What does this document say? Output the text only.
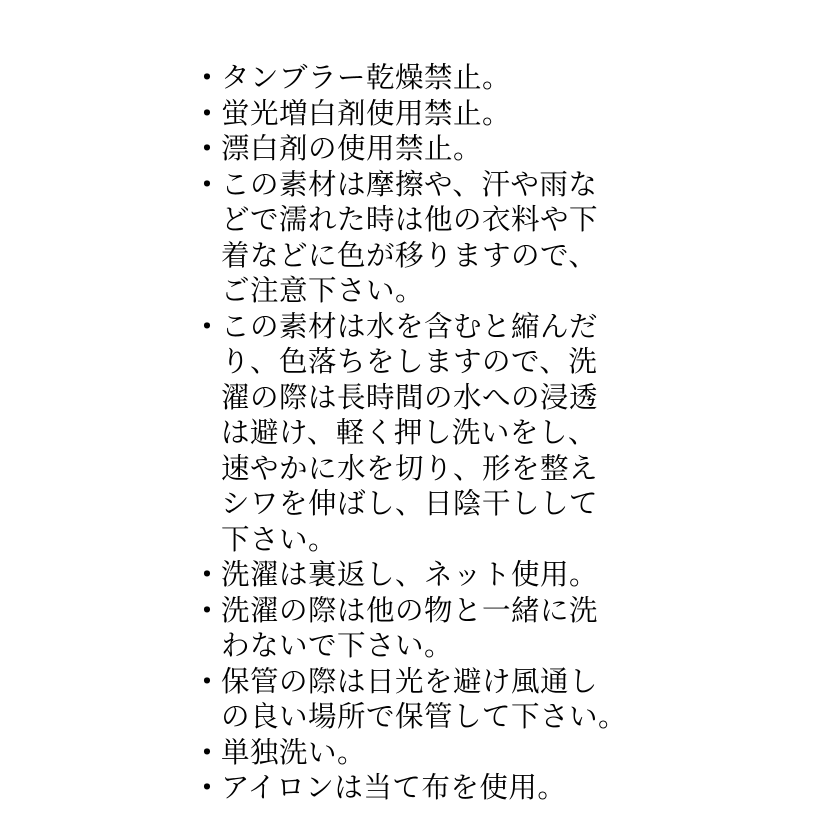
・ タンブラー乾燥禁止。
・ 蛍光増白剤使用禁止。
・ 漂白剤の使用禁止。
・ この素材は摩擦や、汗や雨な
どで濡れた時は他の衣料や下
着などに色が移りますので、
ご注意下さい。
・ この素材は水を含むと縮んだ
り、色落ちをしますので、洗
濯の際は長時間の水への浸透
は避け、軽く押し洗いをし、
速やかに水を切り、形を整え
シワを伸ばし、日陰干しして
下さい。
・ 洗濯は裏返し、ネット使用。
・ 洗濯の際は他の物と一緒に洗
わないで下さい。
・ 保管の際は日光を避け風通し
の良い場所で保管して下さい。
・ 単独洗い。
・ アイロンは当て布を使用。
